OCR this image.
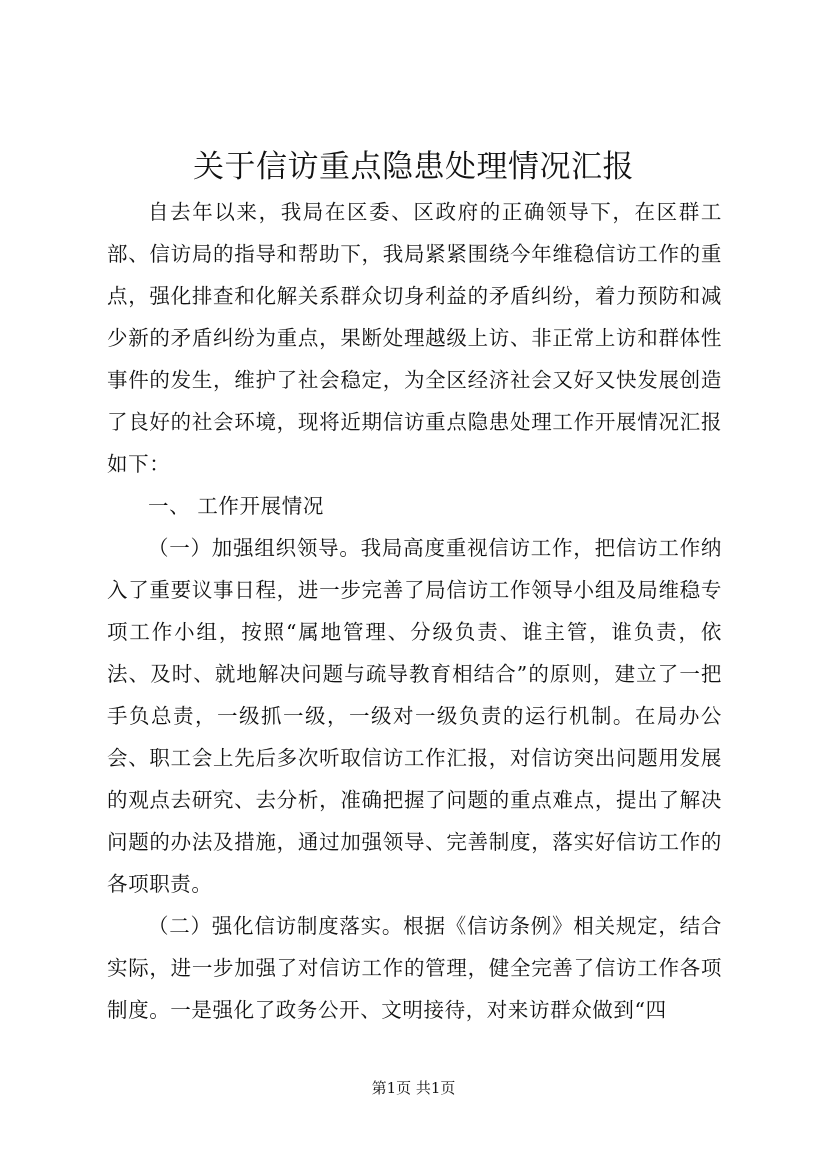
关于信访重点隐患处理情况汇报

自去年以来，我局在区委、区政府的正确领导下，在区群工部、信访局的指导和帮助下，我局紧紧围绕今年维稳信访工作的重点，强化排查和化解关系群众切身利益的矛盾纠纷，着力预防和减少新的矛盾纠纷为重点，果断处理越级上访、非正常上访和群体性事件的发生，维护了社会稳定，为全区经济社会又好又快发展创造了良好的社会环境，现将近期信访重点隐患处理工作开展情况汇报如下：

一、 工作开展情况

（一）加强组织领导。我局高度重视信访工作，把信访工作纳入了重要议事日程，进一步完善了局信访工作领导小组及局维稳专项工作小组，按照“属地管理、分级负责、谁主管，谁负责，依法、及时、就地解决问题与疏导教育相结合”的原则，建立了一把手负总责，一级抓一级，一级对一级负责的运行机制。在局办公会、职工会上先后多次听取信访工作汇报，对信访突出问题用发展的观点去研究、去分析，准确把握了问题的重点难点，提出了解决问题的办法及措施，通过加强领导、完善制度，落实好信访工作的各项职责。

（二）强化信访制度落实。根据《信访条例》相关规定，结合实际，进一步加强了对信访工作的管理，健全完善了信访工作各项制度。一是强化了政务公开、文明接待，对来访群众做到“四

第1页 共1页
